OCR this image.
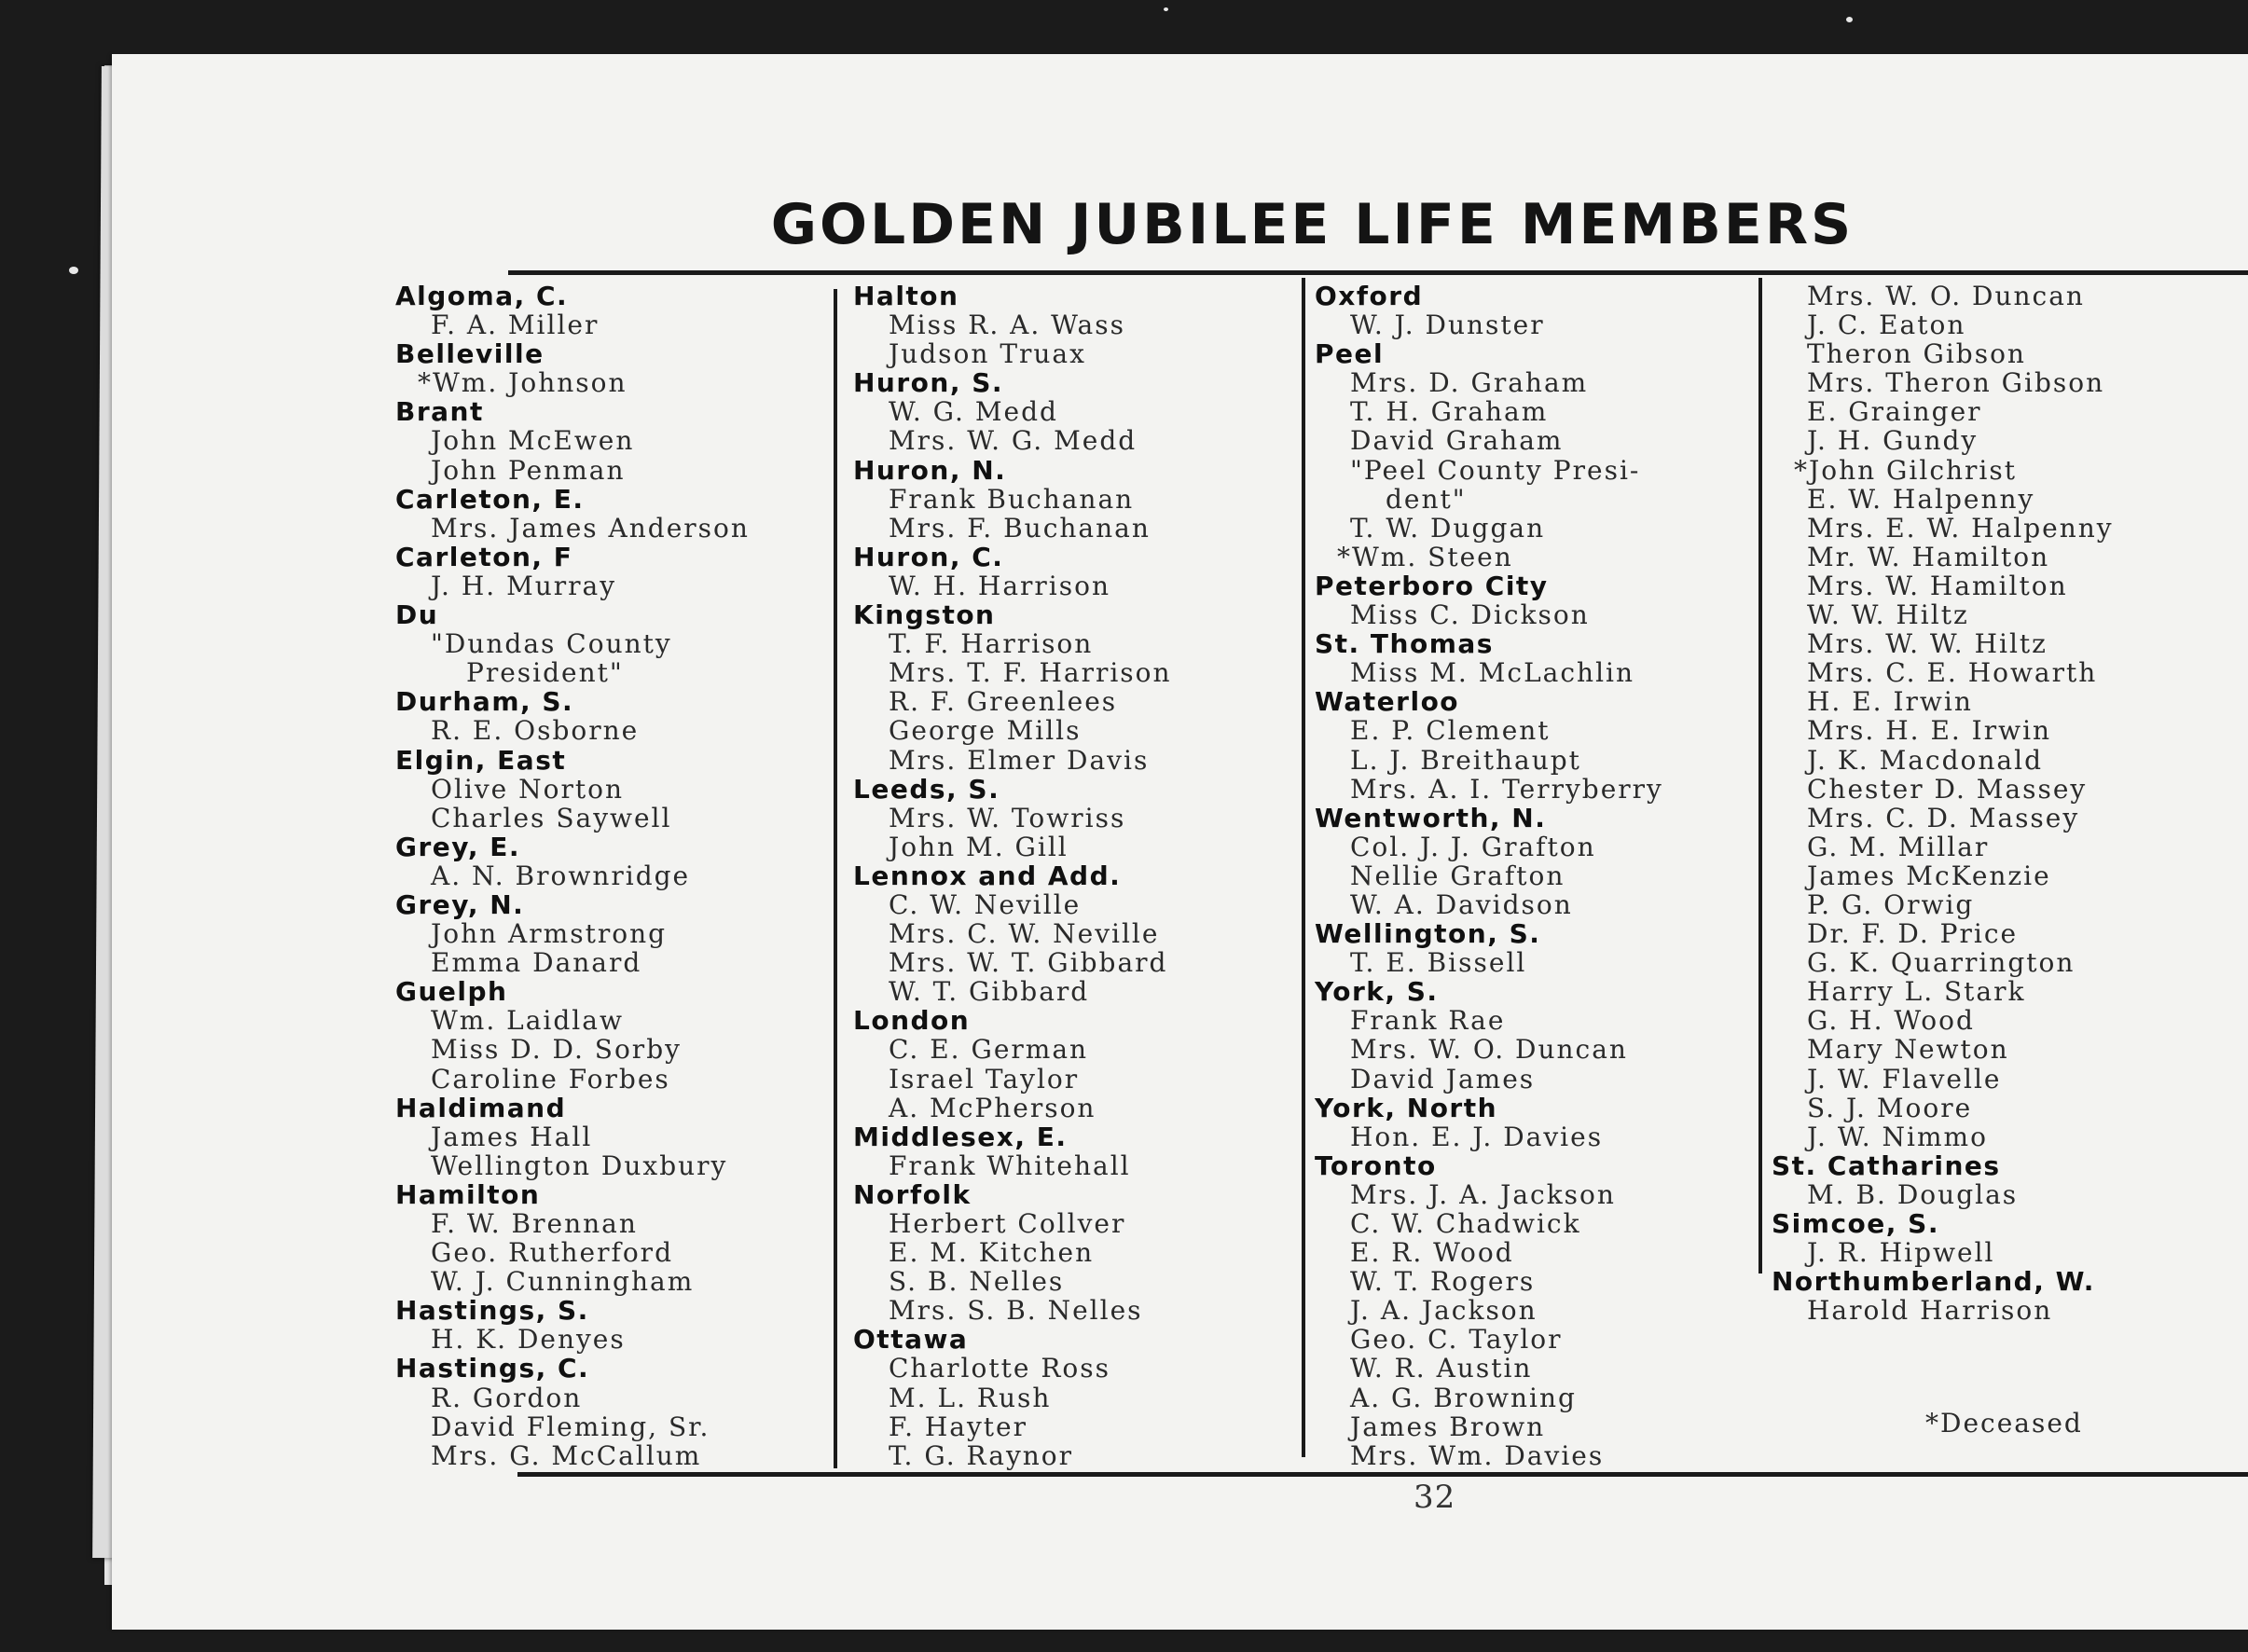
GOLDEN JUBILEE LIFE MEMBERS
Algoma, C.
F. A. Miller
Belleville
*Wm. Johnson
Brant
John McEwen
John Penman
Carleton, E.
Mrs. James Anderson
Carleton, F
J. H. Murray
Du
"Dundas County
President"
Durham, S.
R. E. Osborne
Elgin, East
Olive Norton
Charles Saywell
Grey, E.
A. N. Brownridge
Grey, N.
John Armstrong
Emma Danard
Guelph
Wm. Laidlaw
Miss D. D. Sorby
Caroline Forbes
Haldimand
James Hall
Wellington Duxbury
Hamilton
F. W. Brennan
Geo. Rutherford
W. J. Cunningham
Hastings, S.
H. K. Denyes
Hastings, C.
R. Gordon
David Fleming, Sr.
Mrs. G. McCallum
Halton
Miss R. A. Wass
Judson Truax
Huron, S.
W. G. Medd
Mrs. W. G. Medd
Huron, N.
Frank Buchanan
Mrs. F. Buchanan
Huron, C.
W. H. Harrison
Kingston
T. F. Harrison
Mrs. T. F. Harrison
R. F. Greenlees
George Mills
Mrs. Elmer Davis
Leeds, S.
Mrs. W. Towriss
John M. Gill
Lennox and Add.
C. W. Neville
Mrs. C. W. Neville
Mrs. W. T. Gibbard
W. T. Gibbard
London
C. E. German
Israel Taylor
A. McPherson
Middlesex, E.
Frank Whitehall
Norfolk
Herbert Collver
E. M. Kitchen
S. B. Nelles
Mrs. S. B. Nelles
Ottawa
Charlotte Ross
M. L. Rush
F. Hayter
T. G. Raynor
Oxford
W. J. Dunster
Peel
Mrs. D. Graham
T. H. Graham
David Graham
"Peel County Presi-
dent"
T. W. Duggan
*Wm. Steen
Peterboro City
Miss C. Dickson
St. Thomas
Miss M. McLachlin
Waterloo
E. P. Clement
L. J. Breithaupt
Mrs. A. I. Terryberry
Wentworth, N.
Col. J. J. Grafton
Nellie Grafton
W. A. Davidson
Wellington, S.
T. E. Bissell
York, S.
Frank Rae
Mrs. W. O. Duncan
David James
York, North
Hon. E. J. Davies
Toronto
Mrs. J. A. Jackson
C. W. Chadwick
E. R. Wood
W. T. Rogers
J. A. Jackson
Geo. C. Taylor
W. R. Austin
A. G. Browning
James Brown
Mrs. Wm. Davies
Mrs. W. O. Duncan
J. C. Eaton
Theron Gibson
Mrs. Theron Gibson
E. Grainger
J. H. Gundy
*John Gilchrist
E. W. Halpenny
Mrs. E. W. Halpenny
Mr. W. Hamilton
Mrs. W. Hamilton
W. W. Hiltz
Mrs. W. W. Hiltz
Mrs. C. E. Howarth
H. E. Irwin
Mrs. H. E. Irwin
J. K. Macdonald
Chester D. Massey
Mrs. C. D. Massey
G. M. Millar
James McKenzie
P. G. Orwig
Dr. F. D. Price
G. K. Quarrington
Harry L. Stark
G. H. Wood
Mary Newton
J. W. Flavelle
S. J. Moore
J. W. Nimmo
St. Catharines
M. B. Douglas
Simcoe, S.
J. R. Hipwell
Northumberland, W.
Harold Harrison
*Deceased
32
